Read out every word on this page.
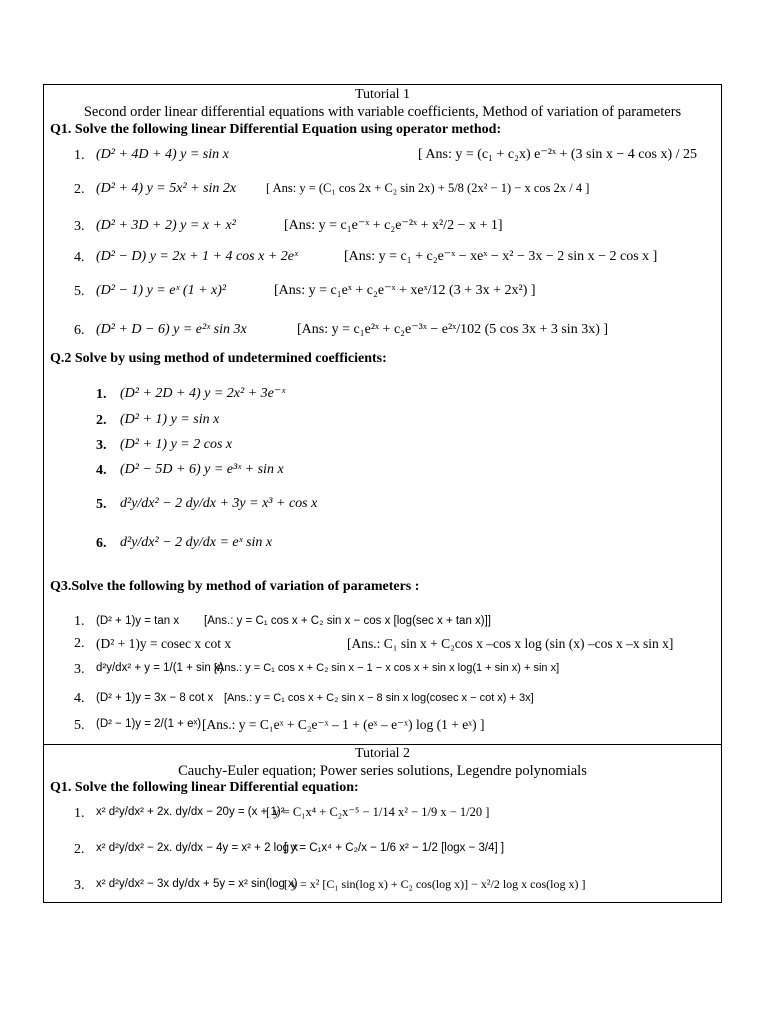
Tutorial 1
Second order linear differential equations with variable coefficients, Method of variation of parameters
Q1. Solve the following linear Differential Equation using operator method:
1. (D² + 4D + 4) y = sin x	[ Ans: y = (c₁ + c₂x) e⁻²ˣ + (3 sin x − 4 cos x) / 25
2. (D² + 4) y = 5x² + sin 2x [ Ans: y = (C₁ cos 2x + C₂ sin 2x) + 5/8 (2x² − 1) − x cos 2x / 4 ]
3. (D² + 3D + 2) y = x + x²	[Ans: y = c₁e⁻ˣ + c₂e⁻²ˣ + x²/2 − x + 1]
4. (D² − D) y = 2x + 1 + 4 cos x + 2eˣ	[Ans: y = c₁ + c₂e⁻ˣ − xeˣ − x² − 3x − 2 sin x − 2 cos x ]
5. (D² − 1) y = eˣ (1 + x)²	[Ans: y = c₁eˣ + c₂e⁻ˣ + xeˣ/12 (3 + 3x + 2x²) ]
6. (D² + D − 6) y = e²ˣ sin 3x	[Ans: y = c₁e²ˣ + c₂e⁻³ˣ − e²ˣ/102 (5 cos 3x + 3 sin 3x) ]
Q.2 Solve by using method of undetermined coefficients:
1. (D² + 2D + 4) y = 2x² + 3e⁻ˣ
2. (D² + 1) y = sin x
3. (D² + 1) y = 2 cos x
4. (D² − 5D + 6) y = e³ˣ + sin x
5. d²y/dx² − 2 dy/dx + 3y = x³ + cos x
6. d²y/dx² − 2 dy/dx = eˣ sin x
Q3.Solve the following by method of variation of parameters :
1. (D² + 1)y = tan x [Ans.: y = C₁ cos x + C₂ sin x − cos x [log(sec x + tan x)]]
2. (D² + 1)y = cosec x cot x	[Ans.: C₁ sin x + C₂cos x –cos x log (sin (x) –cos x –x sin x]
3. d²y/dx² + y = 1/(1 + sin x)
[Ans.: y = C₁ cos x + C₂ sin x − 1 − x cos x + sin x log(1 + sin x) + sin x]
4. (D² + 1)y = 3x − 8 cot x [Ans.: y = C₁ cos x + C₂ sin x − 8 sin x log(cosec x − cot x) + 3x]
5. (D² − 1)y = 2/(1 + eˣ) [Ans.: y = C₁eˣ + C₂e⁻ˣ – 1 + (eˣ – e⁻ˣ) log (1 + eˣ) ]
Tutorial 2
Cauchy-Euler equation; Power series solutions, Legendre polynomials
Q1. Solve the following linear Differential equation:
1. x² d²y/dx² + 2x. dy/dx − 20y = (x + 1)²
[ y = C₁x⁴ + C₂x⁻⁵ − 1/14 x² − 1/9 x − 1/20 ]
2. x² d²y/dx² − 2x. dy/dx − 4y = x² + 2 log x
[ y = C₁x⁴ + C₂/x − 1/6 x² − 1/2 [logx − 3/4] ]
3. x² d²y/dx² − 3x dy/dx + 5y = x² sin(log x)
[ y = x² [C₁ sin(log x) + C₂ cos(log x)] − x²/2 log x cos(log x) ]
